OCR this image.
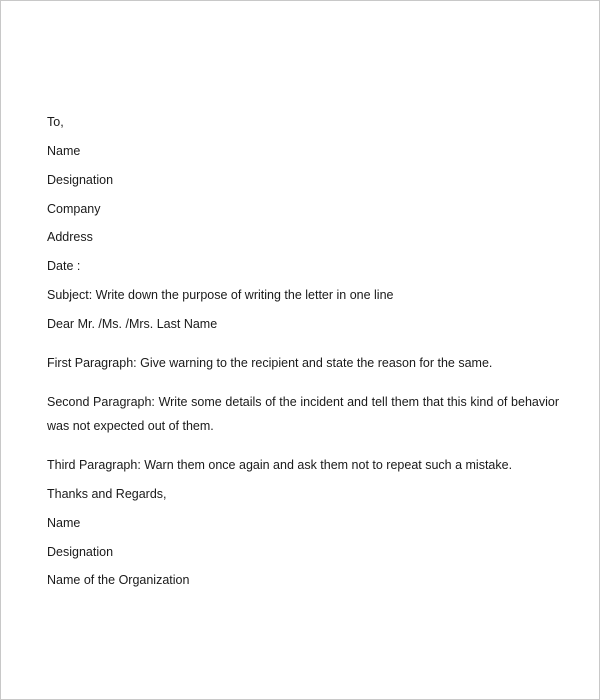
To,
Name
Designation
Company
Address
Date :
Subject: Write down the purpose of writing the letter in one line
Dear Mr. /Ms. /Mrs. Last Name
First Paragraph: Give warning to the recipient and state the reason for the same.
Second Paragraph: Write some details of the incident and tell them that this kind of behavior was not expected out of them.
Third Paragraph: Warn them once again and ask them not to repeat such a mistake.
Thanks and Regards,
Name
Designation
Name of the Organization
